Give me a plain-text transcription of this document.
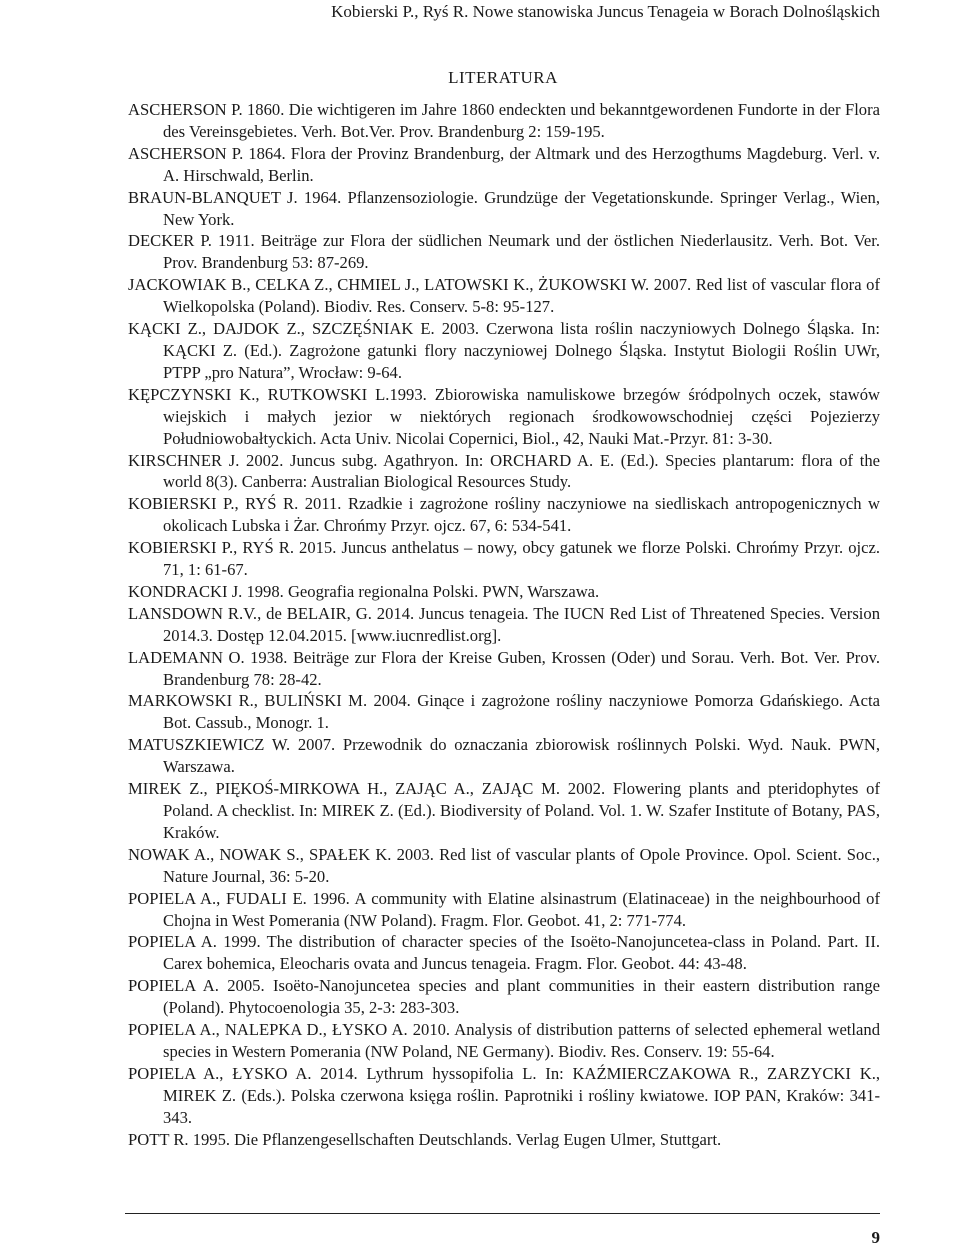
Kobierski P., Ryś R. Nowe stanowiska Juncus Tenageia w Borach Dolnośląskich
LITERATURA
ASCHERSON P. 1860. Die wichtigeren im Jahre 1860 endeckten und bekanntgewordenen Fundorte in der Flora des Vereinsgebietes. Verh. Bot.Ver. Prov. Brandenburg 2: 159-195.
ASCHERSON P. 1864. Flora der Provinz Brandenburg, der Altmark und des Herzogthums Magdeburg. Verl. v. A. Hirschwald, Berlin.
BRAUN-BLANQUET J. 1964. Pflanzensoziologie. Grundzüge der Vegetationskunde. Springer Verlag., Wien, New York.
DECKER P. 1911. Beiträge zur Flora der südlichen Neumark und der östlichen Niederlausitz. Verh. Bot. Ver. Prov. Brandenburg 53: 87-269.
JACKOWIAK B., CELKA Z., CHMIEL J., LATOWSKI K., ŻUKOWSKI W. 2007. Red list of vascular flora of Wielkopolska (Poland). Biodiv. Res. Conserv. 5-8: 95-127.
KĄCKI Z., DAJDOK Z., SZCZĘŚNIAK E. 2003. Czerwona lista roślin naczyniowych Dolnego Śląska. In: KĄCKI Z. (Ed.). Zagrożone gatunki flory naczyniowej Dolnego Śląska. Instytut Biologii Roślin UWr, PTPP „pro Natura”, Wrocław: 9-64.
KĘPCZYNSKI K., RUTKOWSKI L.1993. Zbiorowiska namuliskowe brzegów śródpolnych oczek, stawów wiejskich i małych jezior w niektórych regionach środkowowschodniej części Pojezierzy Południowobałtyckich. Acta Univ. Nicolai Copernici, Biol., 42, Nauki Mat.-Przyr. 81: 3-30.
KIRSCHNER J. 2002. Juncus subg. Agathryon. In: ORCHARD A. E. (Ed.). Species plantarum: flora of the world 8(3). Canberra: Australian Biological Resources Study.
KOBIERSKI P., RYŚ R. 2011. Rzadkie i zagrożone rośliny naczyniowe na siedliskach antropogenicznych w okolicach Lubska i Żar. Chrońmy Przyr. ojcz. 67, 6: 534-541.
KOBIERSKI P., RYŚ R. 2015. Juncus anthelatus – nowy, obcy gatunek we florze Polski. Chrońmy Przyr. ojcz. 71, 1: 61-67.
KONDRACKI J. 1998. Geografia regionalna Polski. PWN, Warszawa.
LANSDOWN R.V., de BELAIR, G. 2014. Juncus tenageia. The IUCN Red List of Threatened Species. Version 2014.3. Dostęp 12.04.2015. [www.iucnredlist.org].
LADEMANN O. 1938. Beiträge zur Flora der Kreise Guben, Krossen (Oder) und Sorau. Verh. Bot. Ver. Prov. Brandenburg 78: 28-42.
MARKOWSKI R., BULIŃSKI M. 2004. Ginące i zagrożone rośliny naczyniowe Pomorza Gdańskiego. Acta Bot. Cassub., Monogr. 1.
MATUSZKIEWICZ W. 2007. Przewodnik do oznaczania zbiorowisk roślinnych Polski. Wyd. Nauk. PWN, Warszawa.
MIREK Z., PIĘKOŚ-MIRKOWA H., ZAJĄC A., ZAJĄC M. 2002. Flowering plants and pteridophytes of Poland. A checklist. In: MIREK Z. (Ed.). Biodiversity of Poland. Vol. 1. W. Szafer Institute of Botany, PAS, Kraków.
NOWAK A., NOWAK S., SPAŁEK K. 2003. Red list of vascular plants of Opole Province. Opol. Scient. Soc., Nature Journal, 36: 5-20.
POPIELA A., FUDALI E. 1996. A community with Elatine alsinastrum (Elatinaceae) in the neighbourhood of Chojna in West Pomerania (NW Poland). Fragm. Flor. Geobot. 41, 2: 771-774.
POPIELA A. 1999. The distribution of character species of the Isoëto-Nanojuncetea-class in Poland. Part. II. Carex bohemica, Eleocharis ovata and Juncus tenageia. Fragm. Flor. Geobot. 44: 43-48.
POPIELA A. 2005. Isoëto-Nanojuncetea species and plant communities in their eastern distribution range (Poland). Phytocoenologia 35, 2-3: 283-303.
POPIELA A., NALEPKA D., ŁYSKO A. 2010. Analysis of distribution patterns of selected ephemeral wetland species in Western Pomerania (NW Poland, NE Germany). Biodiv. Res. Conserv. 19: 55-64.
POPIELA A., ŁYSKO A. 2014. Lythrum hyssopifolia L. In: KAŹMIERCZAKOWA R., ZARZYCKI K., MIREK Z. (Eds.). Polska czerwona księga roślin. Paprotniki i rośliny kwiatowe. IOP PAN, Kraków: 341-343.
POTT R. 1995. Die Pflanzengesellschaften Deutschlands. Verlag Eugen Ulmer, Stuttgart.
9
